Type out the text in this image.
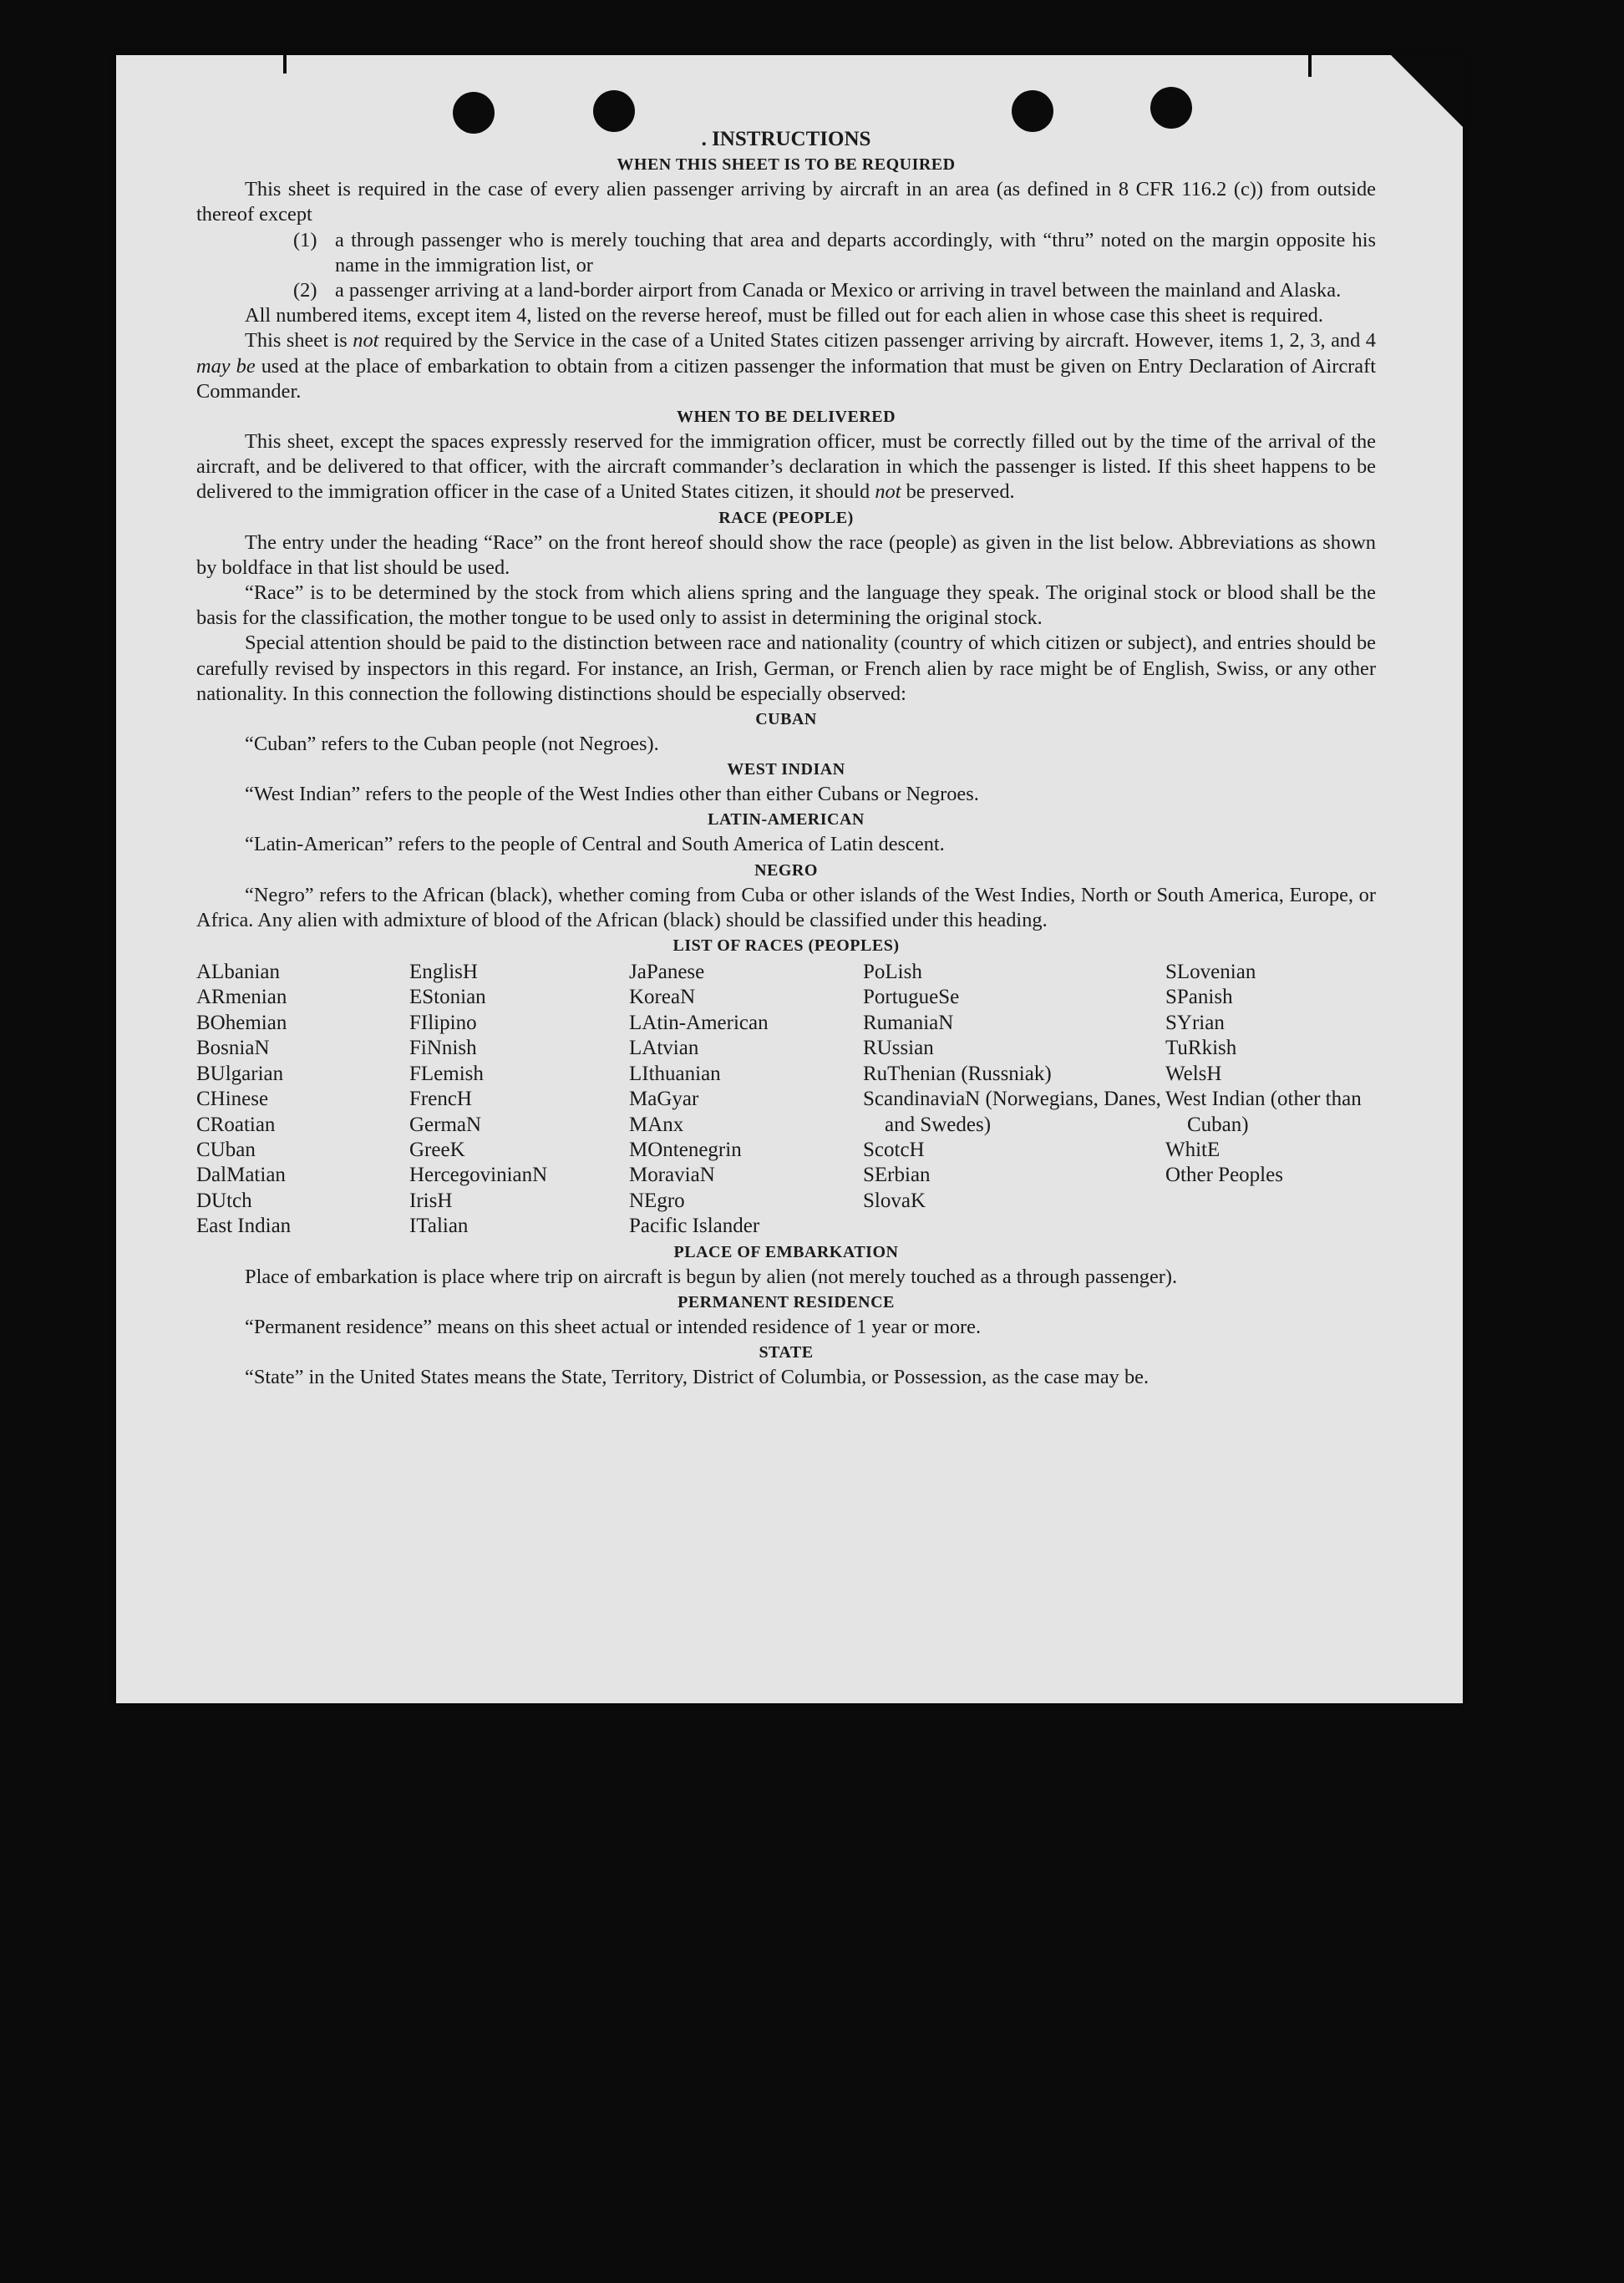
. INSTRUCTIONS
WHEN THIS SHEET IS TO BE REQUIRED

This sheet is required in the case of every alien passenger arriving by aircraft in an area (as defined in 8 CFR 116.2 (c)) from outside thereof except

(1) a through passenger who is merely touching that area and departs accordingly, with “thru” noted on the margin opposite his name in the immigration list, or
(2) a passenger arriving at a land-border airport from Canada or Mexico or arriving in travel between the mainland and Alaska.

All numbered items, except item 4, listed on the reverse hereof, must be filled out for each alien in whose case this sheet is required.

This sheet is not required by the Service in the case of a United States citizen passenger arriving by aircraft. However, items 1, 2, 3, and 4 may be used at the place of embarkation to obtain from a citizen passenger the information that must be given on Entry Declaration of Aircraft Commander.

WHEN TO BE DELIVERED

This sheet, except the spaces expressly reserved for the immigration officer, must be correctly filled out by the time of the arrival of the aircraft, and be delivered to that officer, with the aircraft commander’s declaration in which the passenger is listed. If this sheet happens to be delivered to the immigration officer in the case of a United States citizen, it should not be preserved.

RACE (PEOPLE)

The entry under the heading “Race” on the front hereof should show the race (people) as given in the list below. Abbreviations as shown by boldface in that list should be used.

“Race” is to be determined by the stock from which aliens spring and the language they speak. The original stock or blood shall be the basis for the classification, the mother tongue to be used only to assist in determining the original stock.

Special attention should be paid to the distinction between race and nationality (country of which citizen or subject), and entries should be carefully revised by inspectors in this regard. For instance, an Irish, German, or French alien by race might be of English, Swiss, or any other nationality. In this connection the following distinctions should be especially observed:

CUBAN

“Cuban” refers to the Cuban people (not Negroes).

WEST INDIAN

“West Indian” refers to the people of the West Indies other than either Cubans or Negroes.

LATIN-AMERICAN

“Latin-American” refers to the people of Central and South America of Latin descent.

NEGRO

“Negro” refers to the African (black), whether coming from Cuba or other islands of the West Indies, North or South America, Europe, or Africa. Any alien with admixture of blood of the African (black) should be classified under this heading.

LIST OF RACES (PEOPLES)
ALbanian
ARmenian
BOhemian
BosniaN
BUlgarian
CHinese
CRoatian
CUban
DalMatian
DUtch
East Indian
EnglisH
EStonian
FIlipino
FiNnish
FLemish
FrencH
GermaN
GreeK
HercegovinianN
IrisH
ITalian
JaPanese
KoreaN
LAtin-American
LAtvian
LIthuanian
MaGyar
MAnx
MOntenegrin
MoraviaN
NEgro
Pacific Islander
PoLish
PortugueSe
RumaniaN
RUssian
RuThenian (Russniak)
ScandinaviaN (Norwegians, Danes, and Swedes)
ScotcH
SErbian
SlovaK
SLovenian
SPanish
SYrian
TuRkish
WelsH
West Indian (other than Cuban)
WhitE
Other Peoples
PLACE OF EMBARKATION

Place of embarkation is place where trip on aircraft is begun by alien (not merely touched as a through passenger).

PERMANENT RESIDENCE

“Permanent residence” means on this sheet actual or intended residence of 1 year or more.

STATE

“State” in the United States means the State, Territory, District of Columbia, or Possession, as the case may be.
